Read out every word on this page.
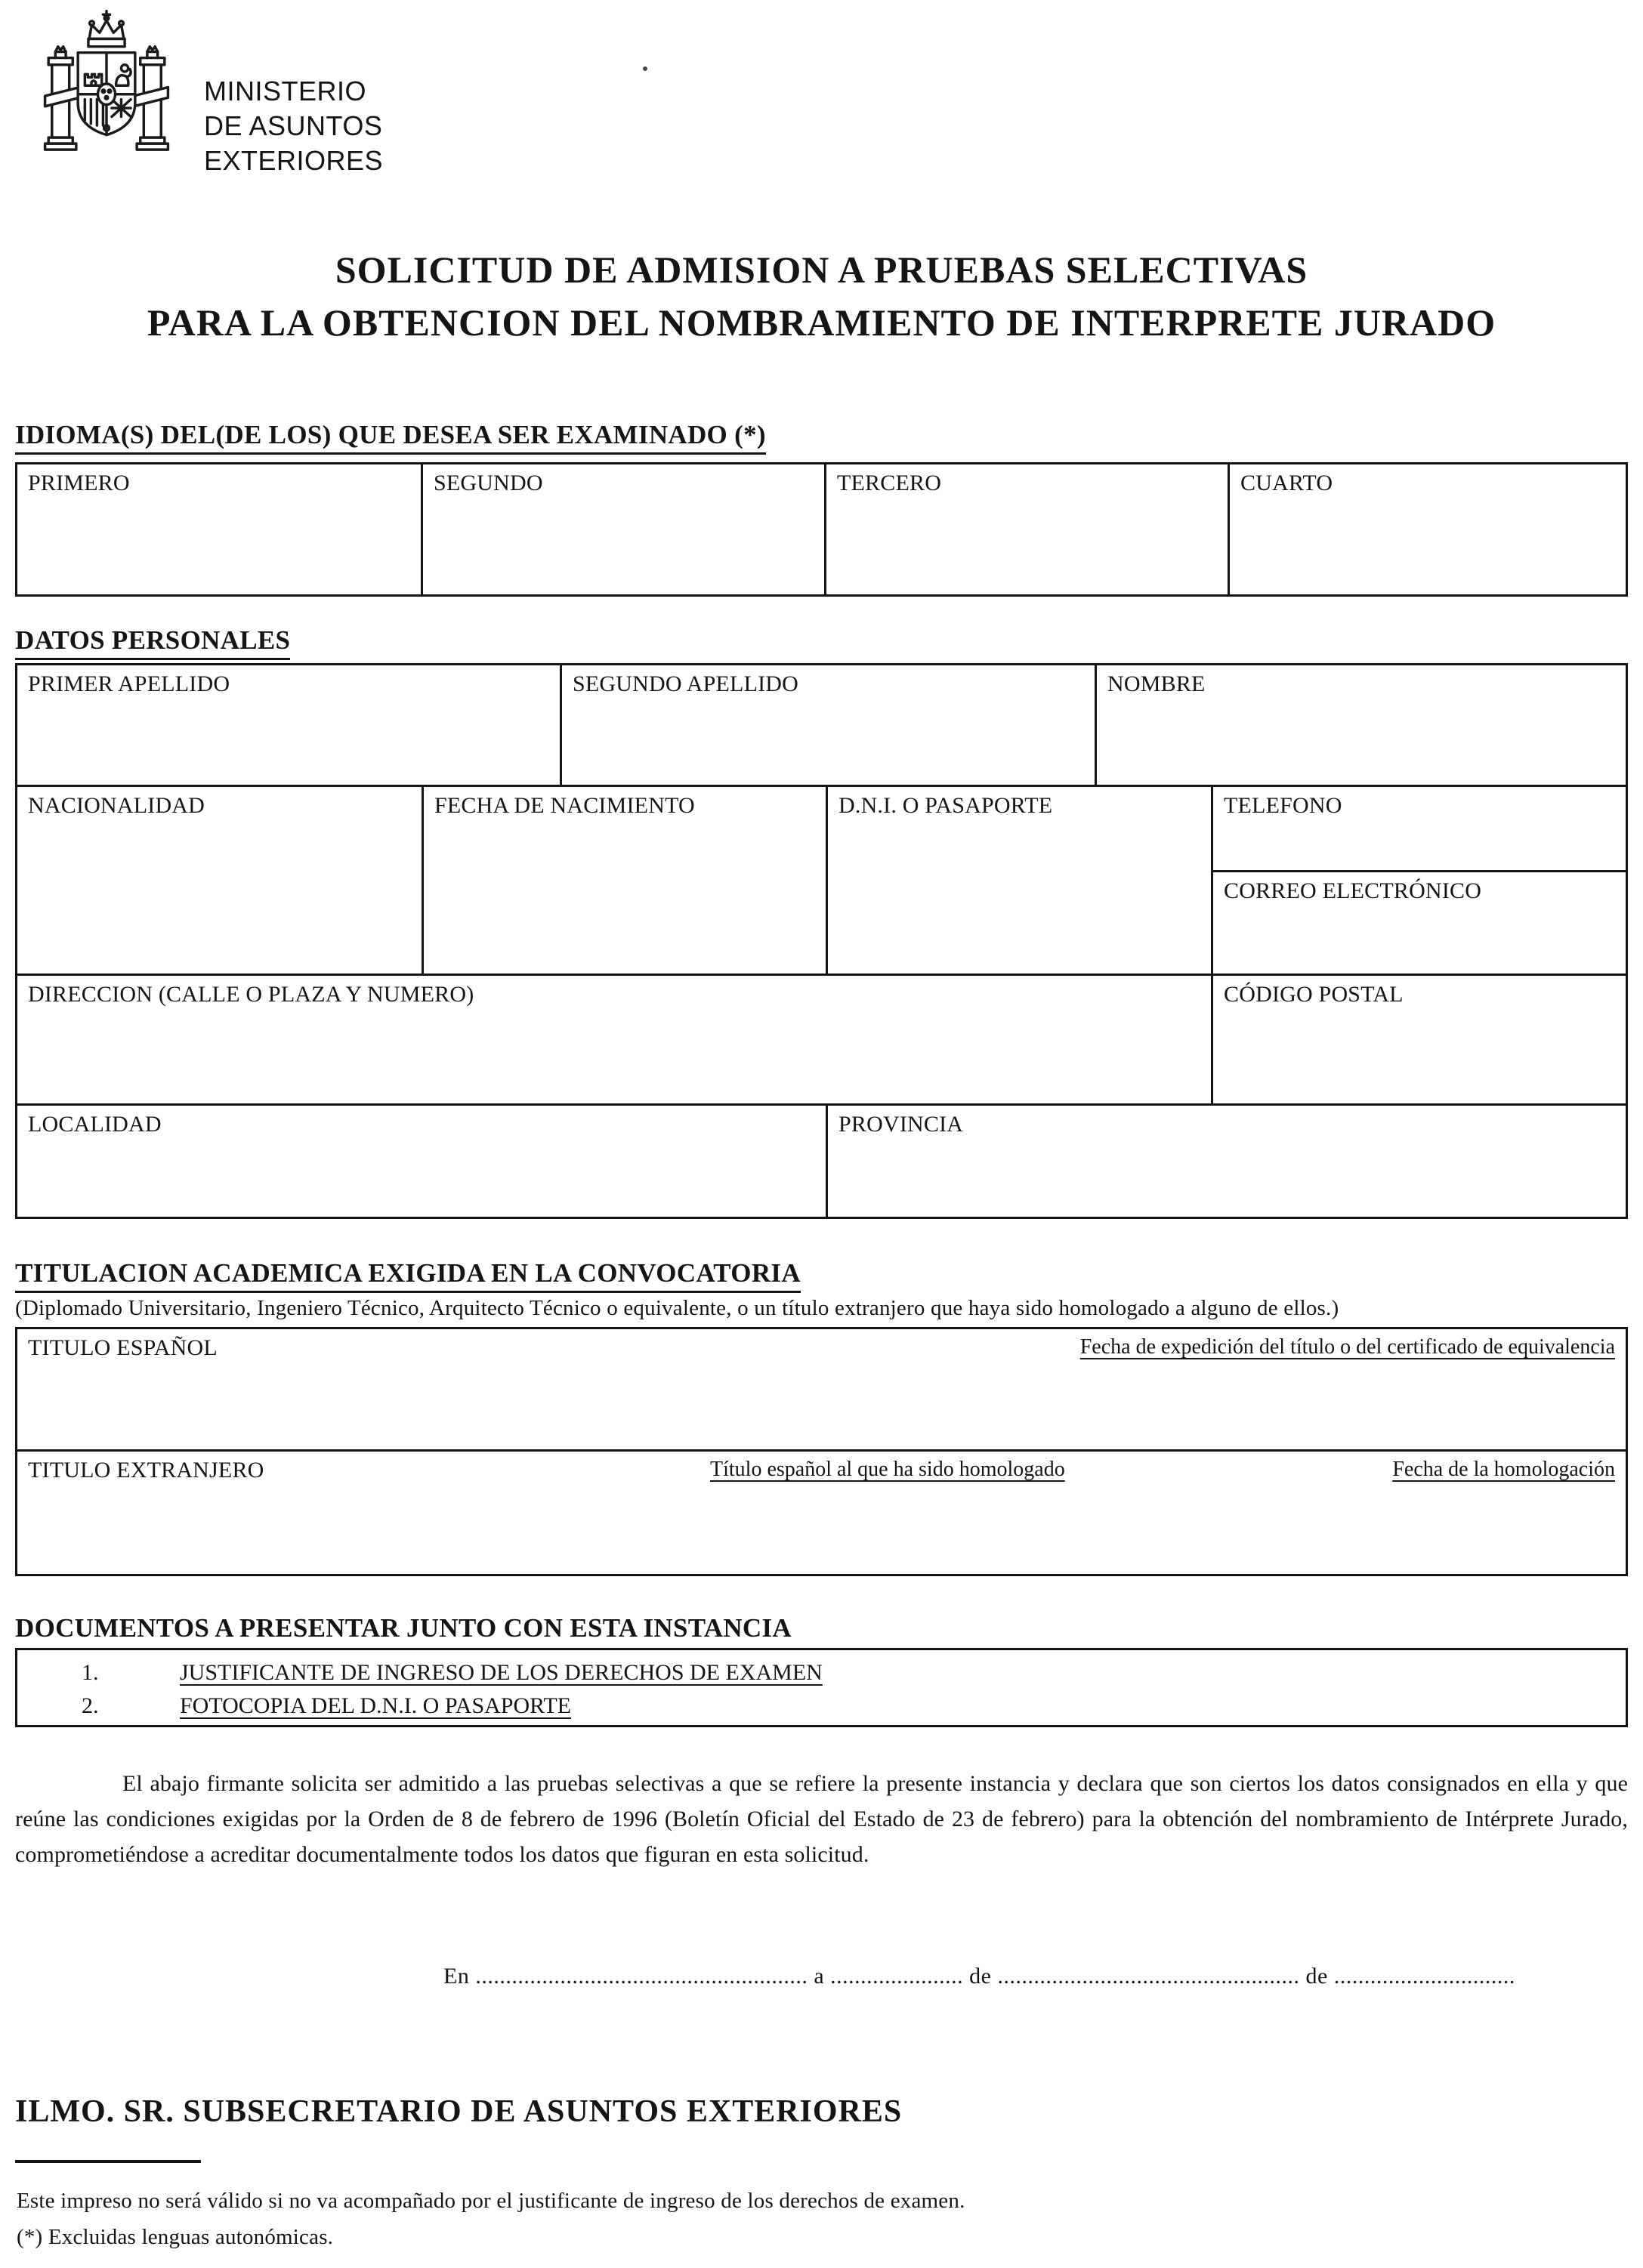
MINISTERIO
DE ASUNTOS
EXTERIORES
SOLICITUD DE ADMISION A PRUEBAS SELECTIVAS
PARA LA OBTENCION DEL NOMBRAMIENTO DE INTERPRETE JURADO
IDIOMA(S) DEL(DE LOS) QUE DESEA SER EXAMINADO (*)
PRIMERO	SEGUNDO	TERCERO	CUARTO
DATOS PERSONALES
PRIMER APELLIDO	SEGUNDO APELLIDO	NOMBRE
NACIONALIDAD	FECHA DE NACIMIENTO	D.N.I. O PASAPORTE	TELEFONO
CORREO ELECTRÓNICO
DIRECCION (CALLE O PLAZA Y NUMERO)	CÓDIGO POSTAL
LOCALIDAD	PROVINCIA
TITULACION ACADEMICA EXIGIDA EN LA CONVOCATORIA
(Diplomado Universitario, Ingeniero Técnico, Arquitecto Técnico o equivalente, o un título extranjero que haya sido homologado a alguno de ellos.)
TITULO ESPAÑOL	Fecha de expedición del título o del certificado de equivalencia
TITULO EXTRANJERO	Título español al que ha sido homologado	Fecha de la homologación
DOCUMENTOS A PRESENTAR JUNTO CON ESTA INSTANCIA
1.	JUSTIFICANTE DE INGRESO DE LOS DERECHOS DE EXAMEN
2.	FOTOCOPIA DEL D.N.I. O PASAPORTE

El abajo firmante solicita ser admitido a las pruebas selectivas a que se refiere la presente instancia y declara que son ciertos los datos consignados en ella y que reúne las condiciones exigidas por la Orden de 8 de febrero de 1996 (Boletín Oficial del Estado de 23 de febrero) para la obtención del nombramiento de Intérprete Jurado, comprometiéndose a acreditar documentalmente todos los datos que figuran en esta solicitud.

En ....................................................... a ...................... de .................................................. de ..............................
ILMO. SR. SUBSECRETARIO DE ASUNTOS EXTERIORES
Este impreso no será válido si no va acompañado por el justificante de ingreso de los derechos de examen.
(*) Excluidas lenguas autonómicas.
